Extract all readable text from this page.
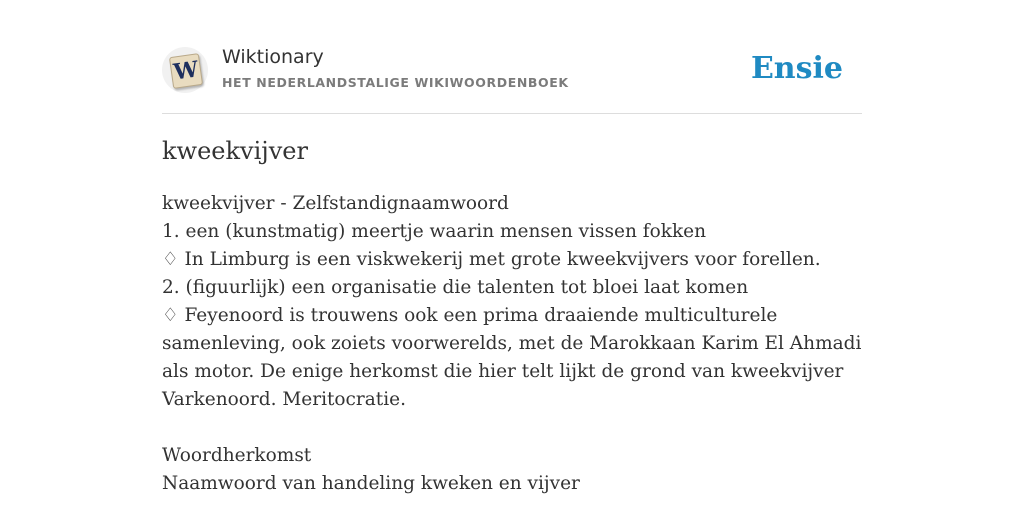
W Wiktionary
HET NEDERLANDSTALIGE WIKIWOORDENBOEK	Ensie
kweekvijver
kweekvijver - Zelfstandignaamwoord
1. een (kunstmatig) meertje waarin mensen vissen fokken
♢ In Limburg is een viskwekerij met grote kweekvijvers voor forellen.
2. (figuurlijk) een organisatie die talenten tot bloei laat komen
♢ Feyenoord is trouwens ook een prima draaiende multiculturele samenleving, ook zoiets voorwerelds, met de Marokkaan Karim El Ahmadi als motor. De enige herkomst die hier telt lijkt de grond van kweekvijver Varkenoord. Meritocratie.
Woordherkomst
Naamwoord van handeling kweken en vijver
